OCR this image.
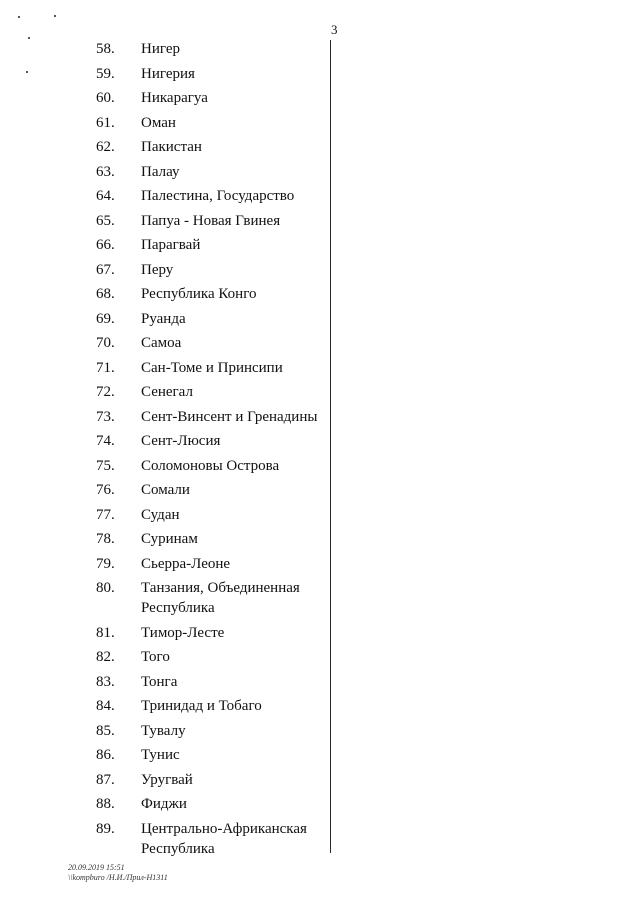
3
58.	Нигер
59.	Нигерия
60.	Никарагуа
61.	Оман
62.	Пакистан
63.	Палау
64.	Палестина, Государство
65.	Папуа - Новая Гвинея
66.	Парагвай
67.	Перу
68.	Республика Конго
69.	Руанда
70.	Самоа
71.	Сан-Томе и Принсипи
72.	Сенегал
73.	Сент-Винсент и Гренадины
74.	Сент-Люсия
75.	Соломоновы Острова
76.	Сомали
77.	Судан
78.	Суринам
79.	Сьерра-Леоне
80.	Танзания, Объединенная Республика
81.	Тимор-Лесте
82.	Того
83.	Тонга
84.	Тринидад и Тобаго
85.	Тувалу
86.	Тунис
87.	Уругвай
88.	Фиджи
89.	Центрально-Африканская Республика
20.09.2019 15:51
\\kompburo /Н.И./Прил-Н1311
